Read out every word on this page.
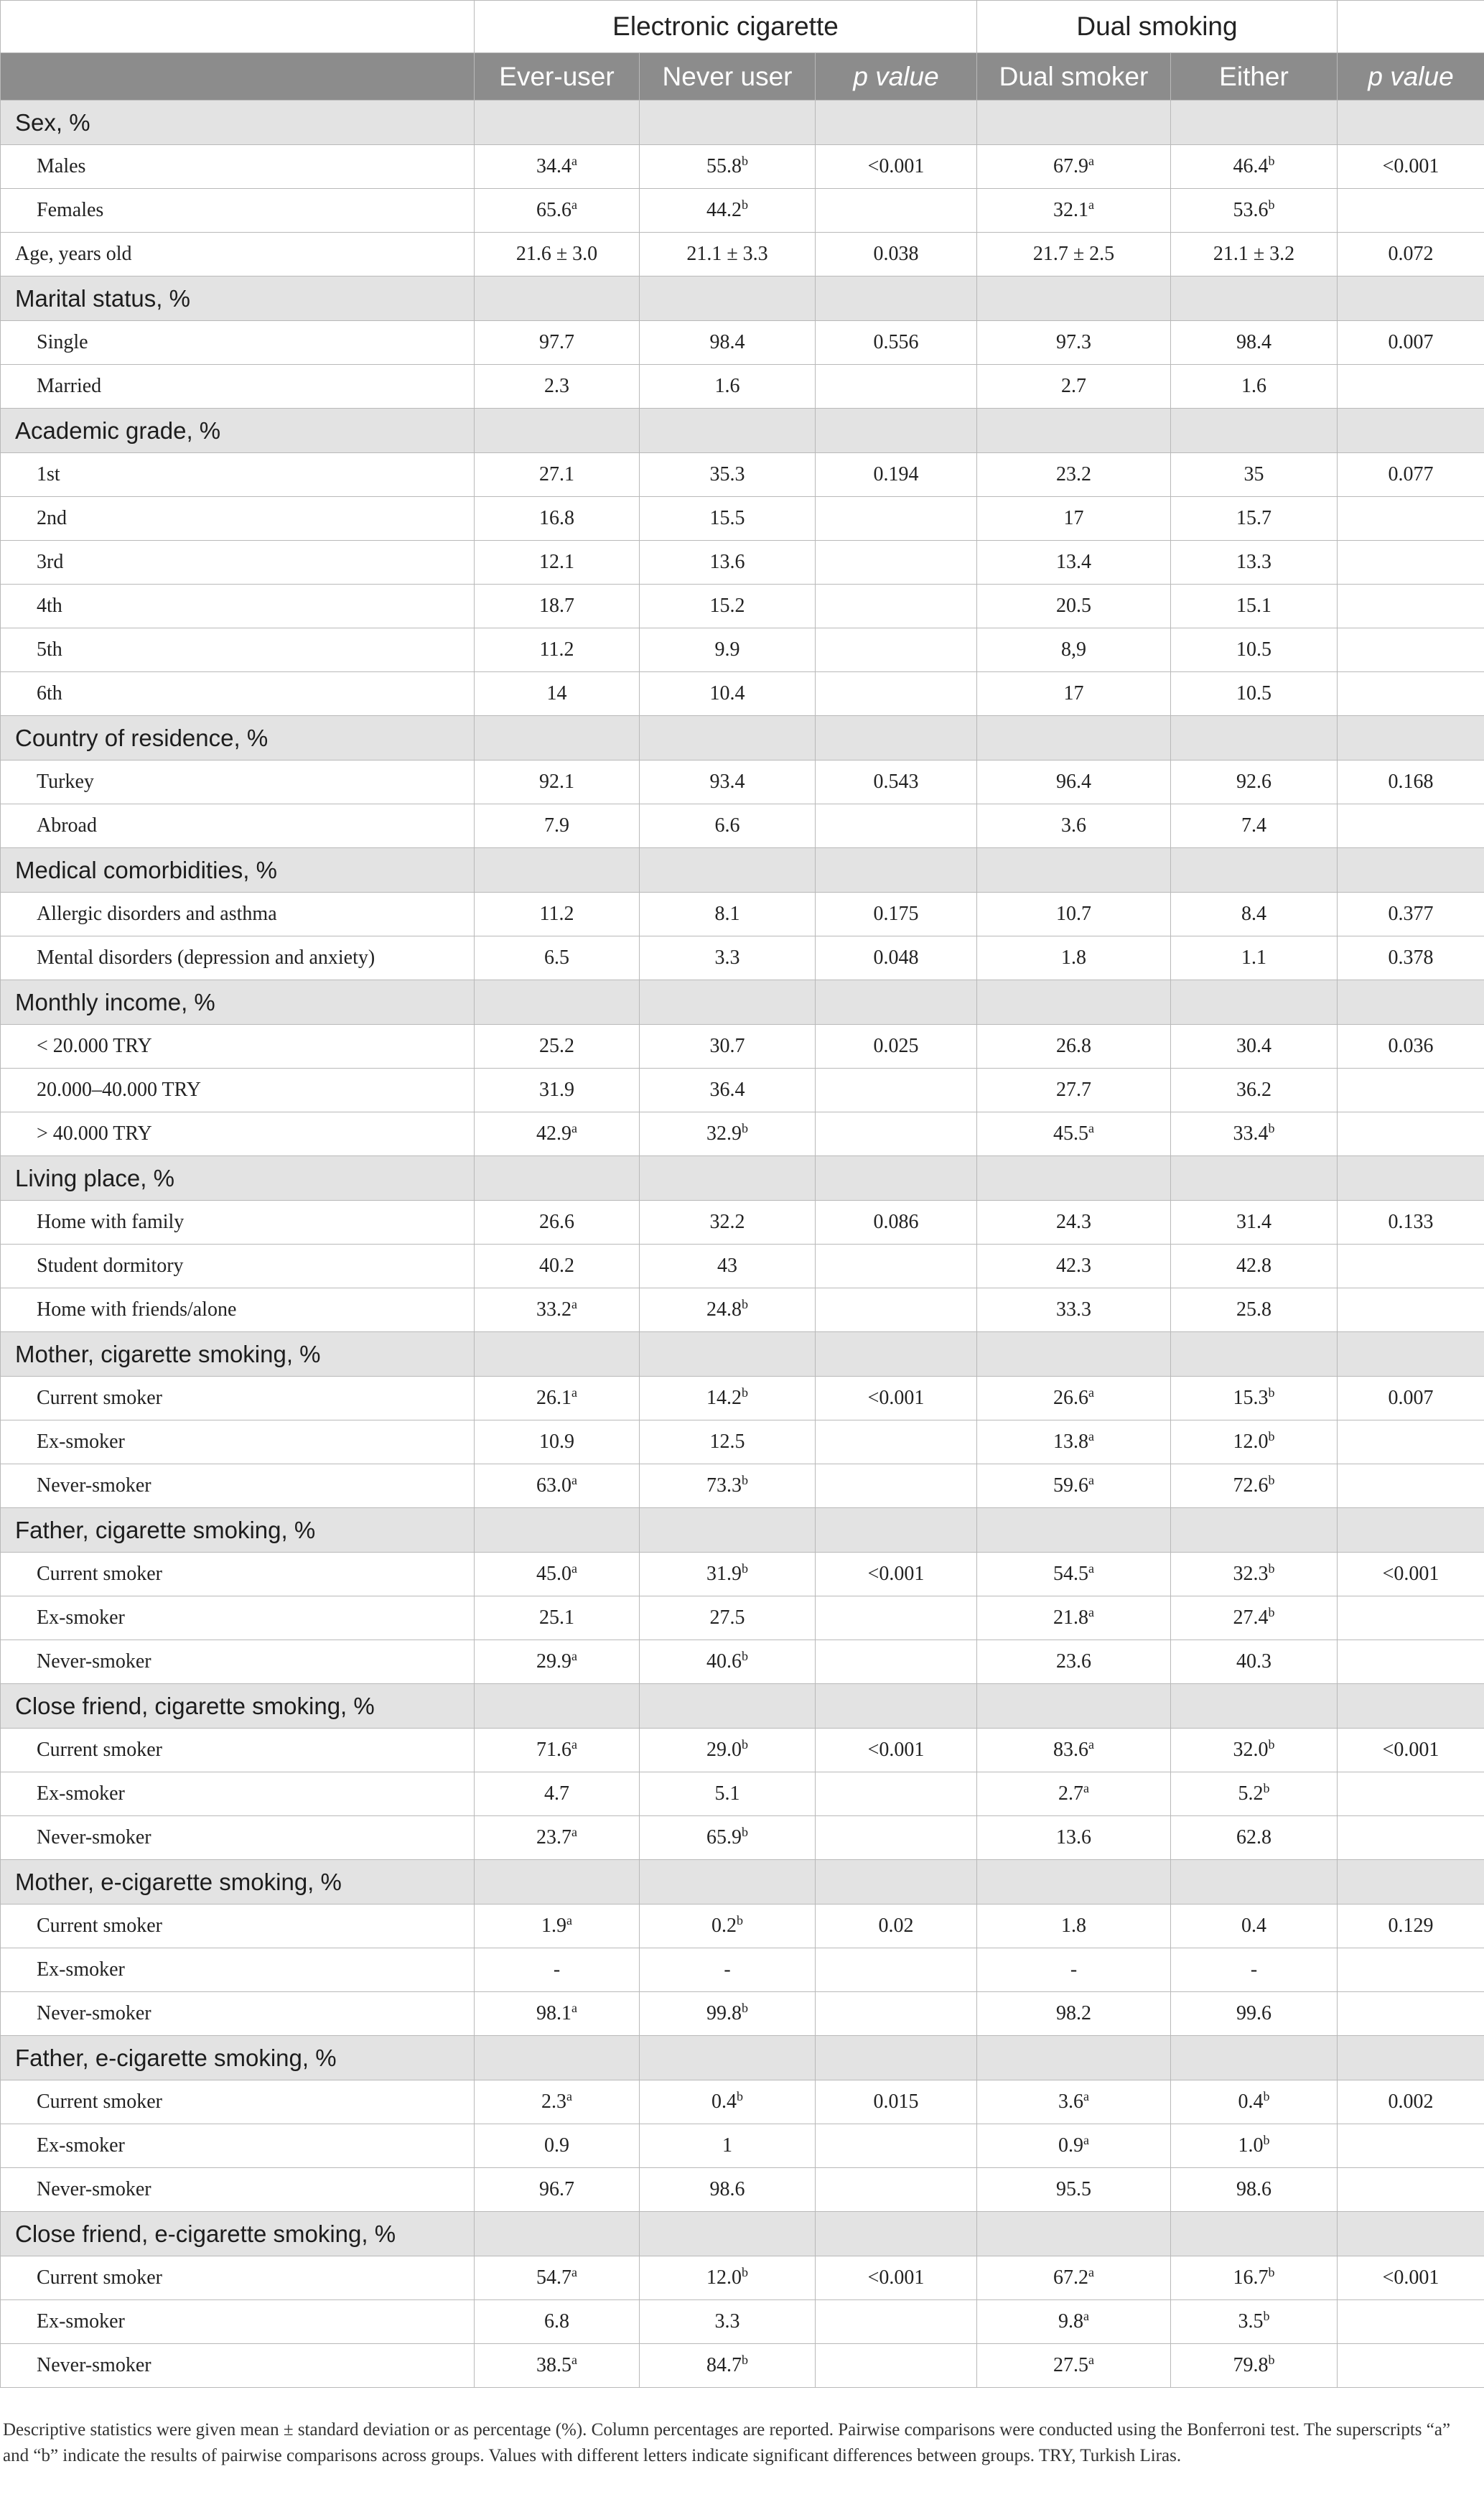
	Electronic cigarette			Dual smoking		
	Ever-user	Never user	p value	Dual smoker	Either	p value
Sex, %						
Males	34.4$^a$	55.8$^b$	<0.001	67.9$^a$	46.4$^b$	<0.001
Females	65.6$^a$	44.2$^b$		32.1$^a$	53.6$^b$	
Age, years old	21.6 ± 3.0	21.1 ± 3.3	0.038	21.7 ± 2.5	21.1 ± 3.2	0.072
Marital status, %						
Single	97.7	98.4	0.556	97.3	98.4	0.007
Married	2.3	1.6		2.7	1.6	
Academic grade, %						
1st	27.1	35.3	0.194	23.2	35	0.077
2nd	16.8	15.5		17	15.7	
3rd	12.1	13.6		13.4	13.3	
4th	18.7	15.2		20.5	15.1	
5th	11.2	9.9		8,9	10.5	
6th	14	10.4		17	10.5	
Country of residence, %						
Turkey	92.1	93.4	0.543	96.4	92.6	0.168
Abroad	7.9	6.6		3.6	7.4	
Medical comorbidities, %						
Allergic disorders and asthma	11.2	8.1	0.175	10.7	8.4	0.377
Mental disorders (depression and anxiety)	6.5	3.3	0.048	1.8	1.1	0.378
Monthly income, %						
< 20.000 TRY	25.2	30.7	0.025	26.8	30.4	0.036
20.000–40.000 TRY	31.9	36.4		27.7	36.2	
> 40.000 TRY	42.9$^a$	32.9$^b$		45.5$^a$	33.4$^b$	
Living place, %						
Home with family	26.6	32.2	0.086	24.3	31.4	0.133
Student dormitory	40.2	43		42.3	42.8	
Home with friends/alone	33.2$^a$	24.8$^b$		33.3	25.8	
Mother, cigarette smoking, %						
Current smoker	26.1$^a$	14.2$^b$	<0.001	26.6$^a$	15.3$^b$	0.007
Ex-smoker	10.9	12.5		13.8$^a$	12.0$^b$	
Never-smoker	63.0$^a$	73.3$^b$		59.6$^a$	72.6$^b$	
Father, cigarette smoking, %						
Current smoker	45.0$^a$	31.9$^b$	<0.001	54.5$^a$	32.3$^b$	<0.001
Ex-smoker	25.1	27.5		21.8$^a$	27.4$^b$	
Never-smoker	29.9$^a$	40.6$^b$		23.6	40.3	
Close friend, cigarette smoking, %						
Current smoker	71.6$^a$	29.0$^b$	<0.001	83.6$^a$	32.0$^b$	<0.001
Ex-smoker	4.7	5.1		2.7$^a$	5.2$^b$	
Never-smoker	23.7$^a$	65.9$^b$		13.6	62.8	
Mother, e-cigarette smoking, %						
Current smoker	1.9$^a$	0.2$^b$	0.02	1.8	0.4	0.129
Ex-smoker	-	-		-	-	
Never-smoker	98.1$^a$	99.8$^b$		98.2	99.6	
Father, e-cigarette smoking, %						
Current smoker	2.3$^a$	0.4$^b$	0.015	3.6$^a$	0.4$^b$	0.002
Ex-smoker	0.9	1		0.9$^a$	1.0$^b$	
Never-smoker	96.7	98.6		95.5	98.6	
Close friend, e-cigarette smoking, %						
Current smoker	54.7$^a$	12.0$^b$	<0.001	67.2$^a$	16.7$^b$	<0.001
Ex-smoker	6.8	3.3		9.8$^a$	3.5$^b$	
Never-smoker	38.5$^a$	84.7$^b$		27.5$^a$	79.8$^b$	
Descriptive statistics were given mean ± standard deviation or as percentage (%). Column percentages are reported. Pairwise comparisons were conducted using the Bonferroni test. The superscripts “a” and “b” indicate the results of pairwise comparisons across groups. Values with different letters indicate significant differences between groups. TRY, Turkish Liras.
